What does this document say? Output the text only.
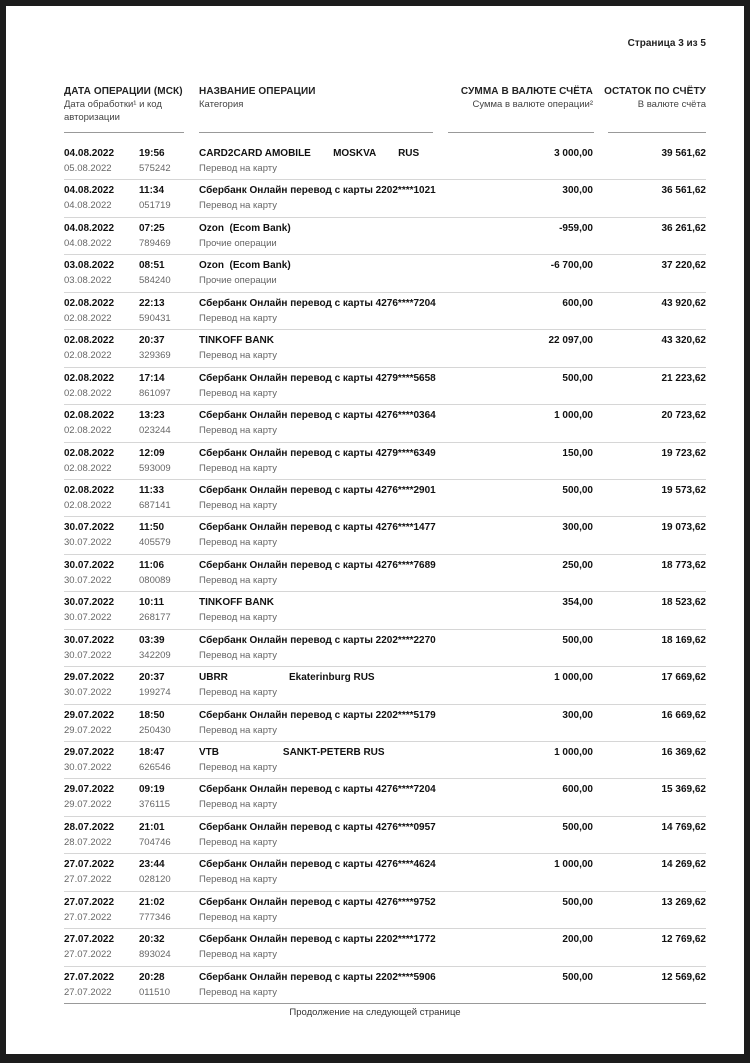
Страница 3 из 5
ДАТА ОПЕРАЦИИ (МСК)
Дата обработки¹ и код авторизации
НАЗВАНИЕ ОПЕРАЦИИ
Категория
СУММА В ВАЛЮТЕ СЧЁТА
Сумма в валюте операции²
ОСТАТОК ПО СЧЁТУ
В валюте счёта
04.08.2022 19:56
05.08.2022	575242
CARD2CARD AMOBILE        MOSKVA        RUS
Перевод на карту
3 000,00	39 561,62
04.08.2022 11:34
04.08.2022	051719
Сбербанк Онлайн перевод с карты 2202****1021
Перевод на карту
300,00	36 561,62
04.08.2022 07:25
04.08.2022	789469
Ozon  (Ecom Bank)
Прочие операции
-959,00	36 261,62
03.08.2022 08:51
03.08.2022	584240
Ozon  (Ecom Bank)
Прочие операции
-6 700,00	37 220,62
02.08.2022 22:13
02.08.2022	590431
Сбербанк Онлайн перевод с карты 4276****7204
Перевод на карту
600,00	43 920,62
02.08.2022 20:37
02.08.2022	329369
TINKOFF BANK
Перевод на карту
22 097,00	43 320,62
02.08.2022 17:14
02.08.2022	861097
Сбербанк Онлайн перевод с карты 4279****5658
Перевод на карту
500,00	21 223,62
02.08.2022 13:23
02.08.2022	023244
Сбербанк Онлайн перевод с карты 4276****0364
Перевод на карту
1 000,00	20 723,62
02.08.2022 12:09
02.08.2022	593009
Сбербанк Онлайн перевод с карты 4279****6349
Перевод на карту
150,00	19 723,62
02.08.2022 11:33
02.08.2022	687141
Сбербанк Онлайн перевод с карты 4276****2901
Перевод на карту
500,00	19 573,62
30.07.2022 11:50
30.07.2022	405579
Сбербанк Онлайн перевод с карты 4276****1477
Перевод на карту
300,00	19 073,62
30.07.2022 11:06
30.07.2022	080089
Сбербанк Онлайн перевод с карты 4276****7689
Перевод на карту
250,00	18 773,62
30.07.2022 10:11
30.07.2022	268177
TINKOFF BANK
Перевод на карту
354,00	18 523,62
30.07.2022 03:39
30.07.2022	342209
Сбербанк Онлайн перевод с карты 2202****2270
Перевод на карту
500,00	18 169,62
29.07.2022 20:37
30.07.2022	199274
UBRR                      Ekaterinburg RUS
Перевод на карту
1 000,00	17 669,62
29.07.2022 18:50
29.07.2022	250430
Сбербанк Онлайн перевод с карты 2202****5179
Перевод на карту
300,00	16 669,62
29.07.2022 18:47
30.07.2022	626546
VTB                       SANKT-PETERB RUS
Перевод на карту
1 000,00	16 369,62
29.07.2022 09:19
29.07.2022	376115
Сбербанк Онлайн перевод с карты 4276****7204
Перевод на карту
600,00	15 369,62
28.07.2022 21:01
28.07.2022	704746
Сбербанк Онлайн перевод с карты 4276****0957
Перевод на карту
500,00	14 769,62
27.07.2022 23:44
27.07.2022	028120
Сбербанк Онлайн перевод с карты 4276****4624
Перевод на карту
1 000,00	14 269,62
27.07.2022 21:02
27.07.2022	777346
Сбербанк Онлайн перевод с карты 4276****9752
Перевод на карту
500,00	13 269,62
27.07.2022 20:32
27.07.2022	893024
Сбербанк Онлайн перевод с карты 2202****1772
Перевод на карту
200,00	12 769,62
27.07.2022 20:28
27.07.2022	011510
Сбербанк Онлайн перевод с карты 2202****5906
Перевод на карту
500,00	12 569,62
Продолжение на следующей странице
